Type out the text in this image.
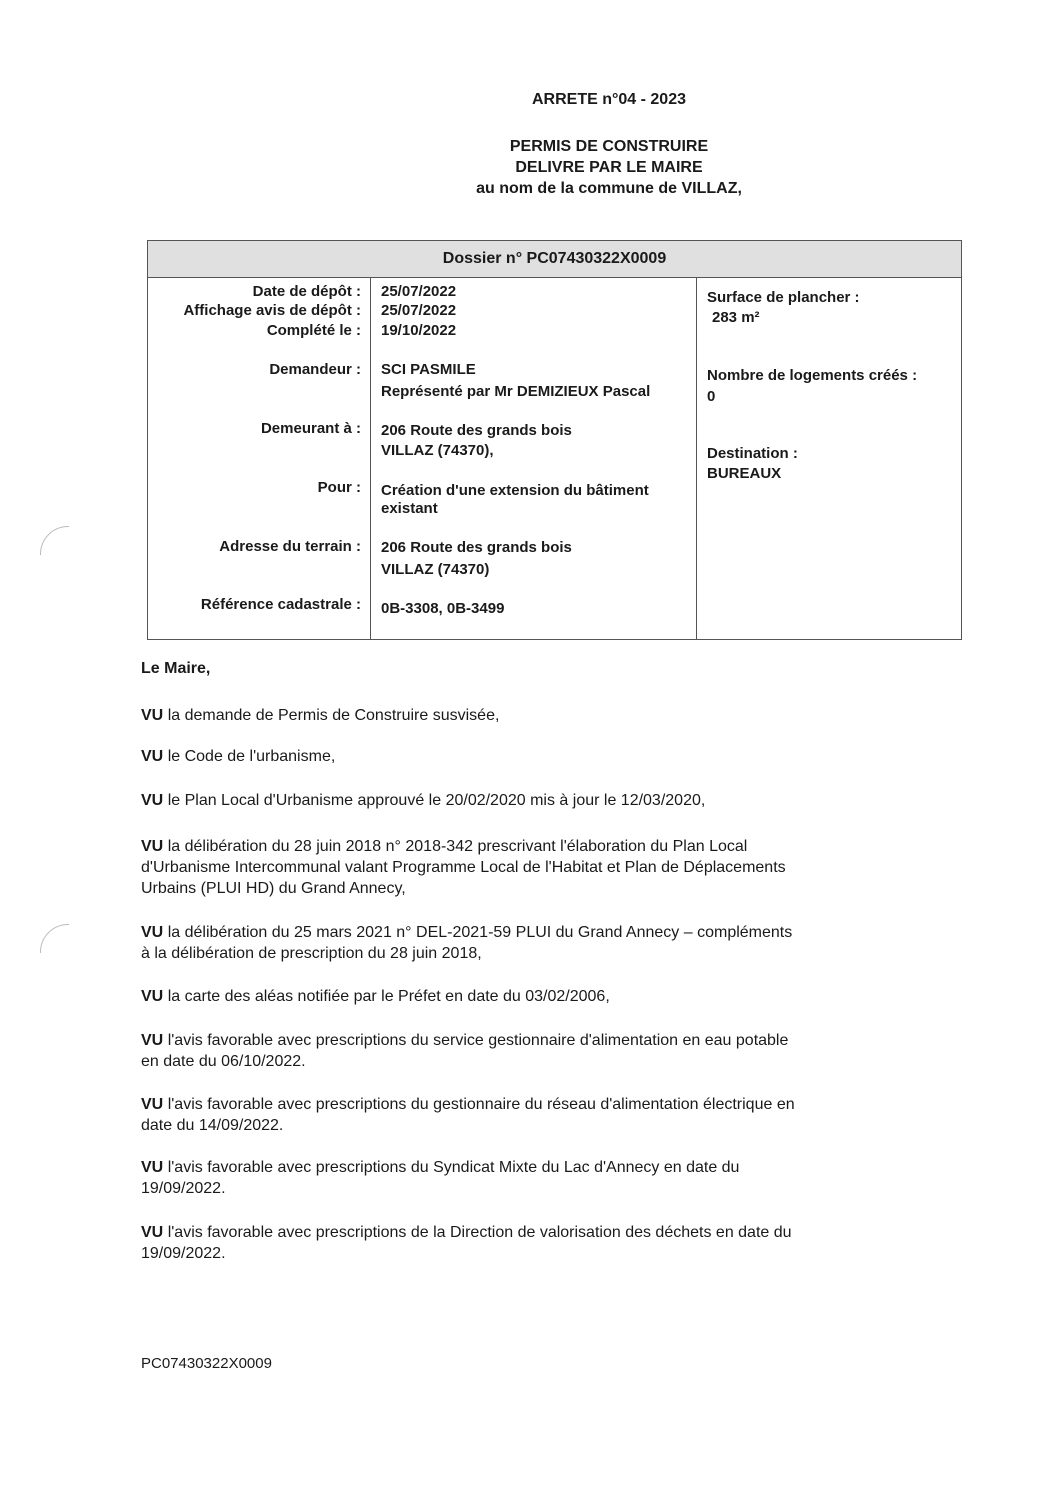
ARRETE n°04 - 2023
PERMIS DE CONSTRUIRE
DELIVRE PAR LE MAIRE
au nom de la commune de VILLAZ,
Dossier n° PC07430322X0009
Date de dépôt :
Affichage avis de dépôt :
Complété le :
Demandeur :
Demeurant à :
Pour :
Adresse du terrain :
Référence cadastrale :
25/07/2022
25/07/2022
19/10/2022
SCI PASMILE
Représenté par Mr DEMIZIEUX Pascal
206 Route des grands bois
VILLAZ (74370),
Création d'une extension du bâtiment
existant
206 Route des grands bois
VILLAZ (74370)
0B-3308, 0B-3499
Surface de plancher :
283 m²
Nombre de logements créés :
0
Destination :
BUREAUX
Le Maire,
VU la demande de Permis de Construire susvisée,
VU le Code de l'urbanisme,
VU le Plan Local d'Urbanisme approuvé le 20/02/2020 mis à jour le 12/03/2020,
VU la délibération du 28 juin 2018 n° 2018-342 prescrivant l'élaboration du Plan Local
d'Urbanisme Intercommunal valant Programme Local de l'Habitat et Plan de Déplacements
Urbains (PLUI HD) du Grand Annecy,
VU la délibération du 25 mars 2021 n° DEL-2021-59 PLUI du Grand Annecy – compléments
à la délibération de prescription du 28 juin 2018,
VU la carte des aléas notifiée par le Préfet en date du 03/02/2006,
VU l'avis favorable avec prescriptions du service gestionnaire d'alimentation en eau potable
en date du 06/10/2022.
VU l'avis favorable avec prescriptions du gestionnaire du réseau d'alimentation électrique en
date du 14/09/2022.
VU l'avis favorable avec prescriptions du Syndicat Mixte du Lac d'Annecy en date du
19/09/2022.
VU l'avis favorable avec prescriptions de la Direction de valorisation des déchets en date du
19/09/2022.
PC07430322X0009
